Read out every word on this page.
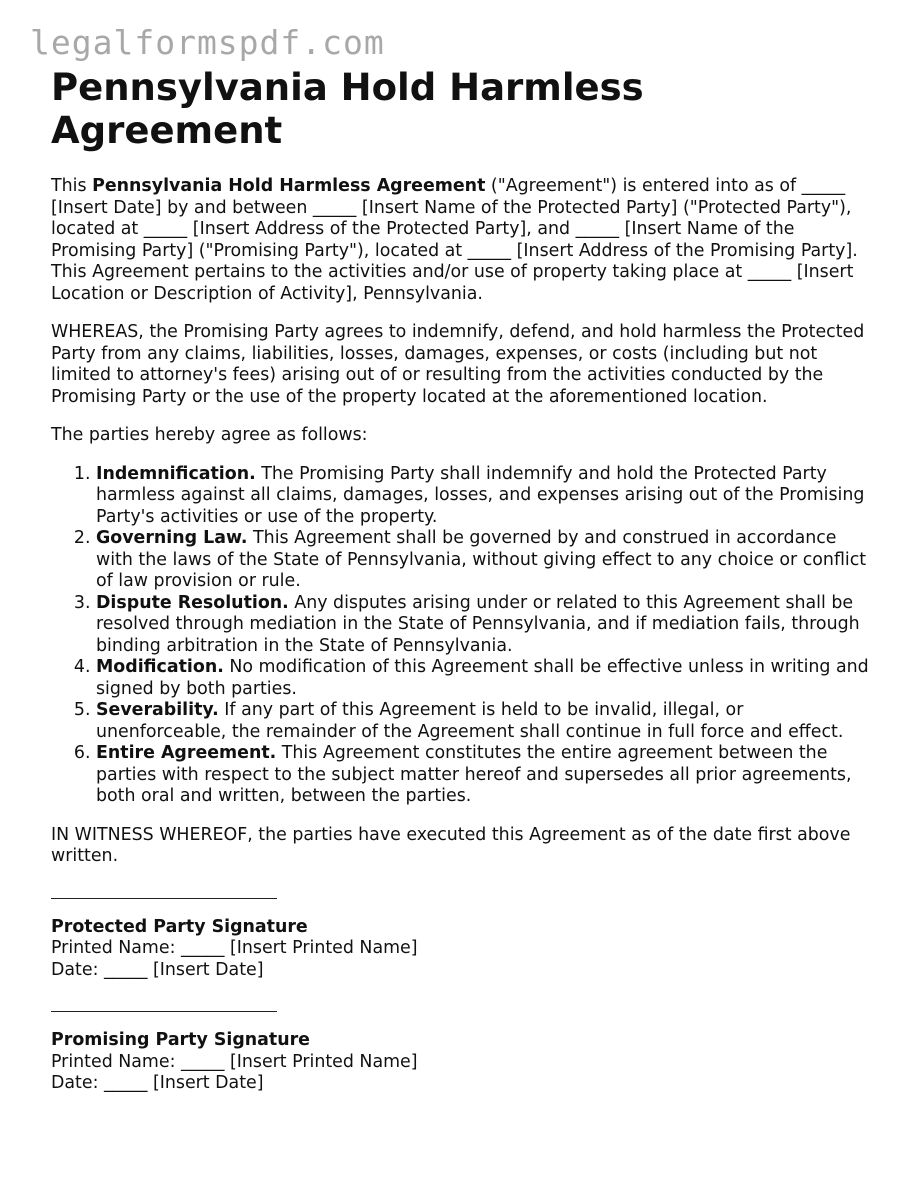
legalformspdf.com
Pennsylvania Hold Harmless Agreement

This Pennsylvania Hold Harmless Agreement ("Agreement") is entered into as of _____ [Insert Date] by and between _____ [Insert Name of the Protected Party] ("Protected Party"), located at _____ [Insert Address of the Protected Party], and _____ [Insert Name of the Promising Party] ("Promising Party"), located at _____ [Insert Address of the Promising Party]. This Agreement pertains to the activities and/or use of property taking place at _____ [Insert Location or Description of Activity], Pennsylvania.

WHEREAS, the Promising Party agrees to indemnify, defend, and hold harmless the Protected Party from any claims, liabilities, losses, damages, expenses, or costs (including but not limited to attorney's fees) arising out of or resulting from the activities conducted by the Promising Party or the use of the property located at the aforementioned location.

The parties hereby agree as follows:

1. Indemnification. The Promising Party shall indemnify and hold the Protected Party harmless against all claims, damages, losses, and expenses arising out of the Promising Party's activities or use of the property.
2. Governing Law. This Agreement shall be governed by and construed in accordance with the laws of the State of Pennsylvania, without giving effect to any choice or conflict of law provision or rule.
3. Dispute Resolution. Any disputes arising under or related to this Agreement shall be resolved through mediation in the State of Pennsylvania, and if mediation fails, through binding arbitration in the State of Pennsylvania.
4. Modification. No modification of this Agreement shall be effective unless in writing and signed by both parties.
5. Severability. If any part of this Agreement is held to be invalid, illegal, or unenforceable, the remainder of the Agreement shall continue in full force and effect.
6. Entire Agreement. This Agreement constitutes the entire agreement between the parties with respect to the subject matter hereof and supersedes all prior agreements, both oral and written, between the parties.

IN WITNESS WHEREOF, the parties have executed this Agreement as of the date first above written.

Protected Party Signature
Printed Name: _____ [Insert Printed Name]
Date: _____ [Insert Date]
Promising Party Signature
Printed Name: _____ [Insert Printed Name]
Date: _____ [Insert Date]
